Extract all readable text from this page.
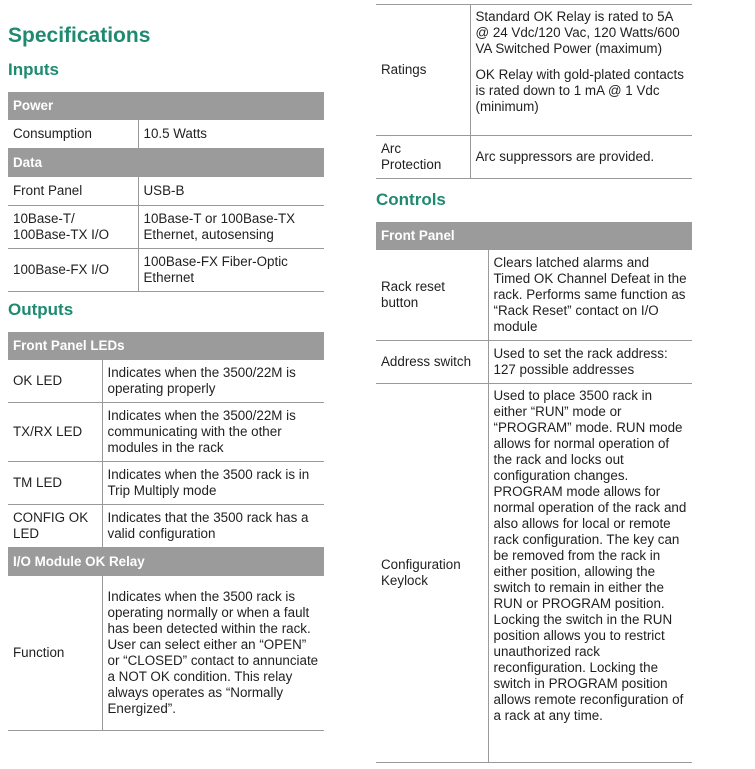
Specifications
Inputs
Power	
Consumption	10.5 Watts
Data	
Front Panel	USB-B
10Base-T/ 100Base-TX I/O	10Base-T or 100Base-TX Ethernet, autosensing
100Base-FX I/O	100Base-FX Fiber-Optic Ethernet
Outputs
Front Panel LEDs	
OK LED	Indicates when the 3500/22M is operating properly
TX/RX LED	Indicates when the 3500/22M is communicating with the other modules in the rack
TM LED	Indicates when the 3500 rack is in Trip Multiply mode
CONFIG OK LED	Indicates that the 3500 rack has a valid configuration
I/O Module OK Relay	
Function	Indicates when the 3500 rack is operating normally or when a fault has been detected within the rack. User can select either an “OPEN” or “CLOSED” contact to annunciate a NOT OK condition. This relay always operates as “Normally Energized”.
Ratings	Standard OK Relay is rated to 5A @ 24 Vdc/120 Vac, 120 Watts/600 VA Switched Power (maximum)

OK Relay with gold-plated contacts is rated down to 1 mA @ 1 Vdc (minimum)

Arc Protection	Arc suppressors are provided.
Controls
Front Panel	
Rack reset button	Clears latched alarms and Timed OK Channel Defeat in the rack. Performs same function as “Rack Reset” contact on I/O module
Address switch	Used to set the rack address: 127 possible addresses
Configuration Keylock	Used to place 3500 rack in either “RUN” mode or “PROGRAM” mode. RUN mode allows for normal operation of the rack and locks out configuration changes. PROGRAM mode allows for normal operation of the rack and also allows for local or remote rack configuration. The key can be removed from the rack in either position, allowing the switch to remain in either the RUN or PROGRAM position. Locking the switch in the RUN position allows you to restrict unauthorized rack reconfiguration. Locking the switch in PROGRAM position allows remote reconfiguration of a rack at any time.
